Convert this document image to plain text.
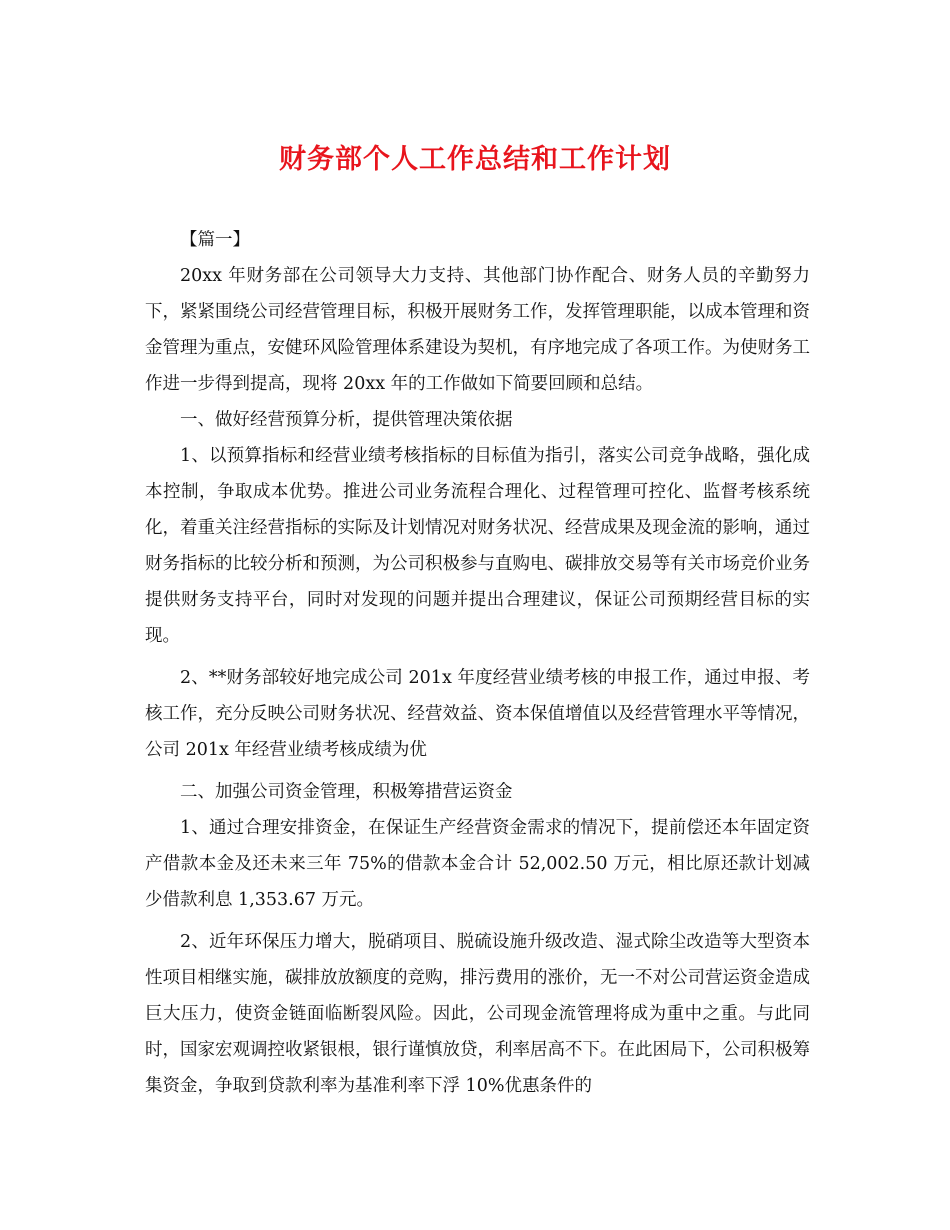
财务部个人工作总结和工作计划

【篇一】

20xx 年财务部在公司领导大力支持、其他部门协作配合、财务人员的辛勤努力下，紧紧围绕公司经营管理目标，积极开展财务工作，发挥管理职能，以成本管理和资金管理为重点，安健环风险管理体系建设为契机，有序地完成了各项工作。为使财务工作进一步得到提高，现将 20xx 年的工作做如下简要回顾和总结。

一、做好经营预算分析，提供管理决策依据

1、以预算指标和经营业绩考核指标的目标值为指引，落实公司竞争战略，强化成本控制，争取成本优势。推进公司业务流程合理化、过程管理可控化、监督考核系统化，着重关注经营指标的实际及计划情况对财务状况、经营成果及现金流的影响，通过财务指标的比较分析和预测，为公司积极参与直购电、碳排放交易等有关市场竞价业务提供财务支持平台，同时对发现的问题并提出合理建议，保证公司预期经营目标的实现。

2、**财务部较好地完成公司 201x 年度经营业绩考核的申报工作，通过申报、考核工作，充分反映公司财务状况、经营效益、资本保值增值以及经营管理水平等情况，公司 201x 年经营业绩考核成绩为优

二、加强公司资金管理，积极筹措营运资金

1、通过合理安排资金，在保证生产经营资金需求的情况下，提前偿还本年固定资产借款本金及还未来三年 75%的借款本金合计 52,002.50 万元，相比原还款计划减少借款利息 1,353.67 万元。

2、近年环保压力增大，脱硝项目、脱硫设施升级改造、湿式除尘改造等大型资本性项目相继实施，碳排放放额度的竞购，排污费用的涨价，无一不对公司营运资金造成巨大压力，使资金链面临断裂风险。因此，公司现金流管理将成为重中之重。与此同时，国家宏观调控收紧银根，银行谨慎放贷，利率居高不下。在此困局下，公司积极筹集资金，争取到贷款利率为基准利率下浮 10%优惠条件的
